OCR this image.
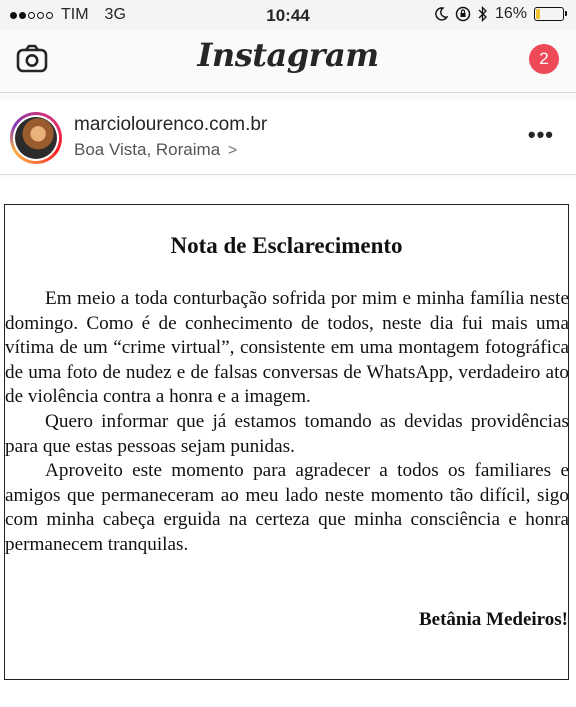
TIM 3G	10:44	16%
Instagram	2
marciolourenco.com.br
Boa Vista, Roraima >
•••
Nota de Esclarecimento

Em meio a toda conturbação sofrida por mim e minha família neste domingo. Como é de conhecimento de todos, neste dia fui mais uma vítima de um “crime virtual”, consistente em uma montagem fotográfica de uma foto de nudez e de falsas conversas de WhatsApp, verdadeiro ato de violência contra a honra e a imagem.

Quero informar que já estamos tomando as devidas providências para que estas pessoas sejam punidas.

Aproveito este momento para agradecer a todos os familiares e amigos que permaneceram ao meu lado neste momento tão difícil, sigo com minha cabeça erguida na certeza que minha consciência e honra permanecem tranquilas.

Betânia Medeiros!
